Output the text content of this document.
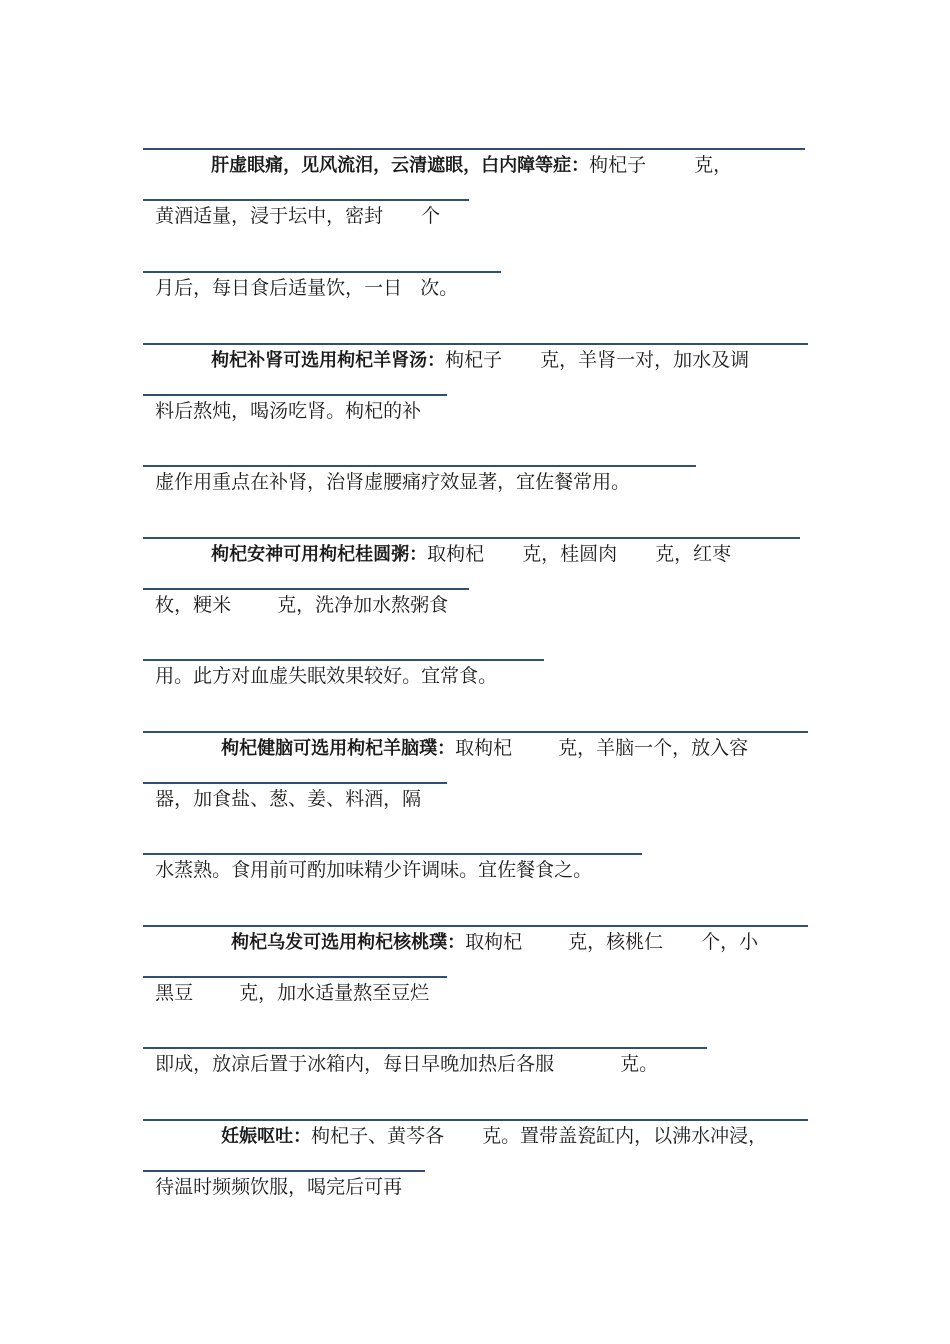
肝虚眼痛，见风流泪，云清遮眼，白内障等症：枸杞子	克，

黄酒适量，浸于坛中，密封 个

月后，每日食后适量饮，一日 次。

枸杞补肾可选用枸杞羊肾汤：枸杞子 克，羊肾一对，加水及调

料后熬炖，喝汤吃肾。枸杞的补

虚作用重点在补肾，治肾虚腰痛疗效显著，宜佐餐常用。

枸杞安神可用枸杞桂圆粥：取枸杞 克，桂圆肉 克，红枣

枚，粳米 克，洗净加水熬粥食

用。此方对血虚失眠效果较好。宜常食。

枸杞健脑可选用枸杞羊脑璞：取枸杞 克，羊脑一个，放入容

器，加食盐、葱、姜、料酒，隔

水蒸熟。食用前可酌加味精少许调味。宜佐餐食之。

枸杞乌发可选用枸杞核桃璞：取枸杞 克，核桃仁 个，小

黑豆 克，加水适量熬至豆烂

即成，放凉后置于冰箱内，每日早晚加热后各服	克。

妊娠呕吐：枸杞子、黄芩各 克。置带盖瓷缸内，以沸水冲浸，

待温时频频饮服，喝完后可再
